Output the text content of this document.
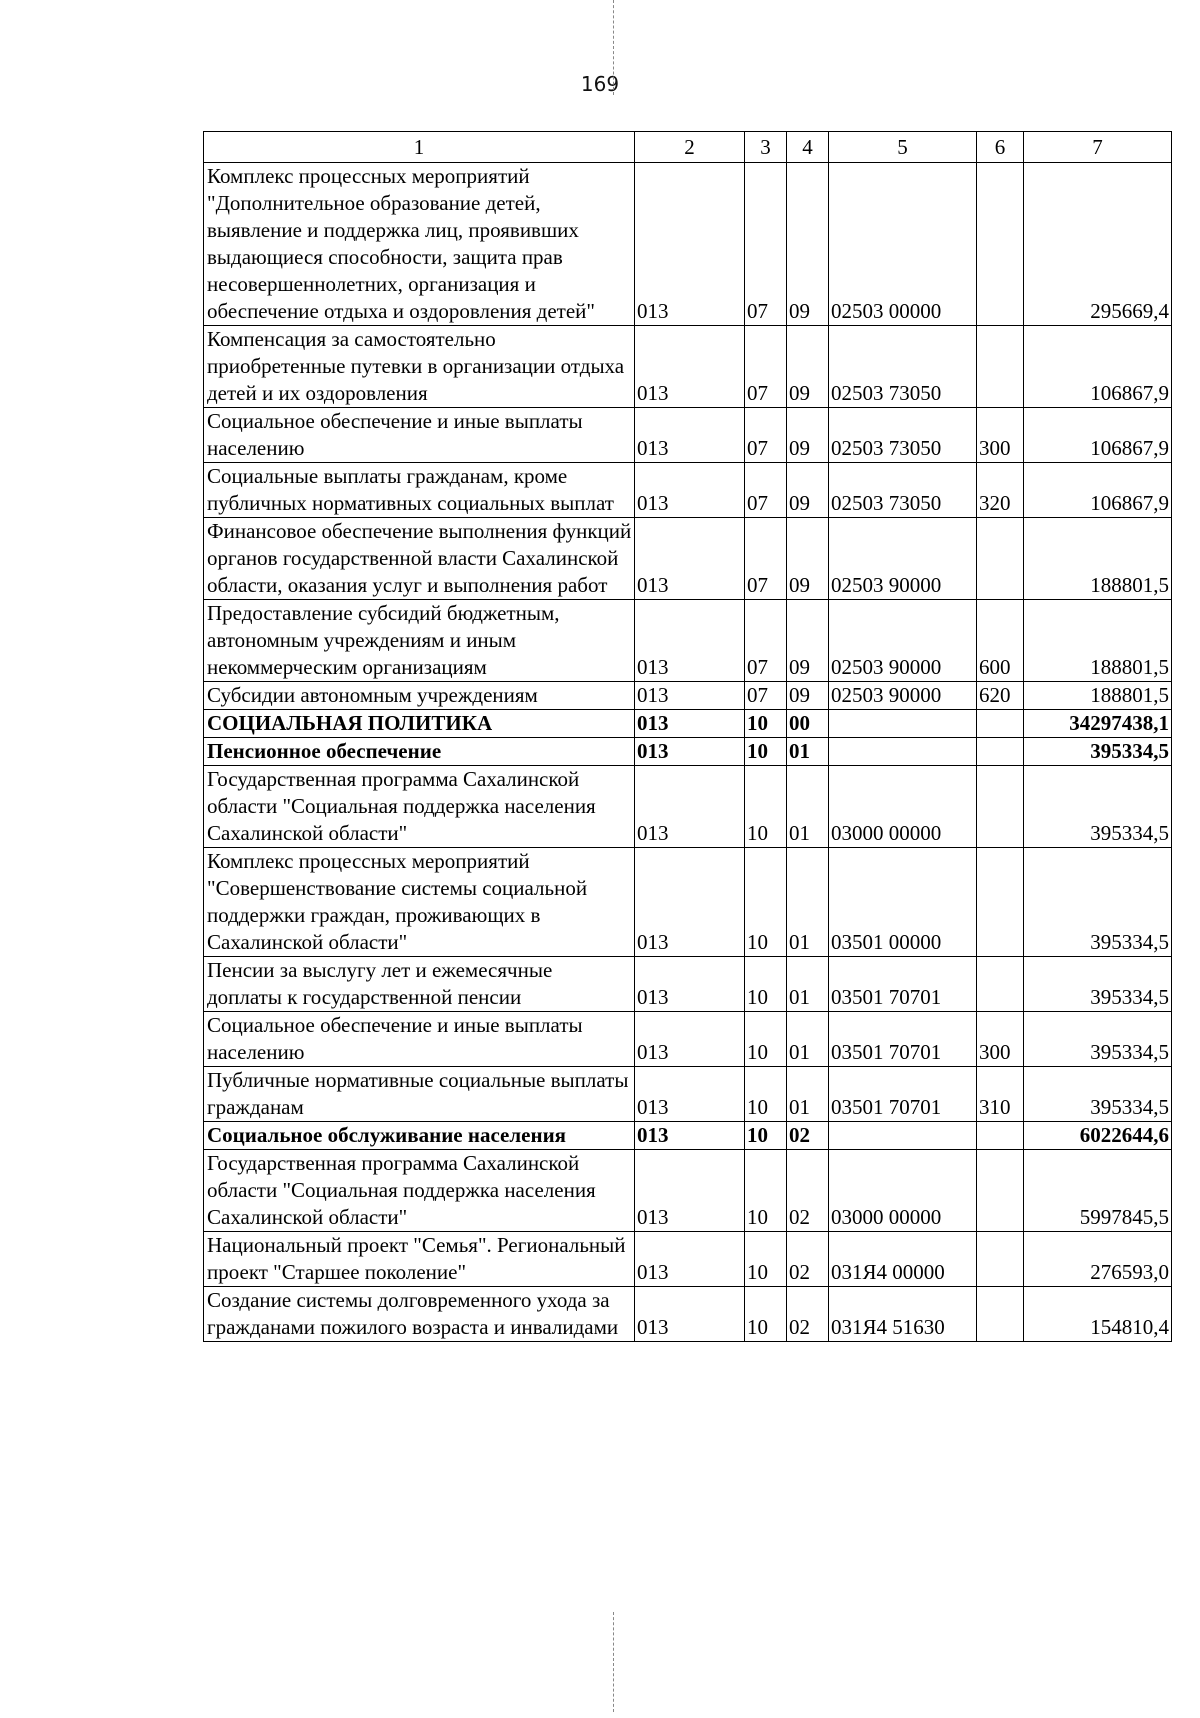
169
1	2	3	4	5	6	7
Комплекс процессных мероприятий "Дополнительное образование детей, выявление и поддержка лиц, проявивших выдающиеся способности, защита прав несовершеннолетних, организация и обеспечение отдыха и оздоровления детей"	013	07	09	02503 00000		295669,4
Компенсация за самостоятельно приобретенные путевки в организации отдыха детей и их оздоровления	013	07	09	02503 73050		106867,9
Социальное обеспечение и иные выплаты населению	013	07	09	02503 73050	300	106867,9
Социальные выплаты гражданам, кроме публичных нормативных социальных выплат	013	07	09	02503 73050	320	106867,9
Финансовое обеспечение выполнения функций органов государственной власти Сахалинской области, оказания услуг и выполнения работ	013	07	09	02503 90000		188801,5
Предоставление субсидий бюджетным, автономным учреждениям и иным некоммерческим организациям	013	07	09	02503 90000	600	188801,5
Субсидии автономным учреждениям	013	07	09	02503 90000	620	188801,5
СОЦИАЛЬНАЯ ПОЛИТИКА	013	10	00			34297438,1
Пенсионное обеспечение	013	10	01			395334,5
Государственная программа Сахалинской области "Социальная поддержка населения Сахалинской области"	013	10	01	03000 00000		395334,5
Комплекс процессных мероприятий "Совершенствование системы социальной поддержки граждан, проживающих в Сахалинской области"	013	10	01	03501 00000		395334,5
Пенсии за выслугу лет и ежемесячные доплаты к государственной пенсии	013	10	01	03501 70701		395334,5
Социальное обеспечение и иные выплаты населению	013	10	01	03501 70701	300	395334,5
Публичные нормативные социальные выплаты гражданам	013	10	01	03501 70701	310	395334,5
Социальное обслуживание населения	013	10	02			6022644,6
Государственная программа Сахалинской области "Социальная поддержка населения Сахалинской области"	013	10	02	03000 00000		5997845,5
Национальный проект "Семья". Региональный проект "Старшее поколение"	013	10	02	031Я4 00000		276593,0
Создание системы долговременного ухода за гражданами пожилого возраста и инвалидами	013	10	02	031Я4 51630		154810,4
